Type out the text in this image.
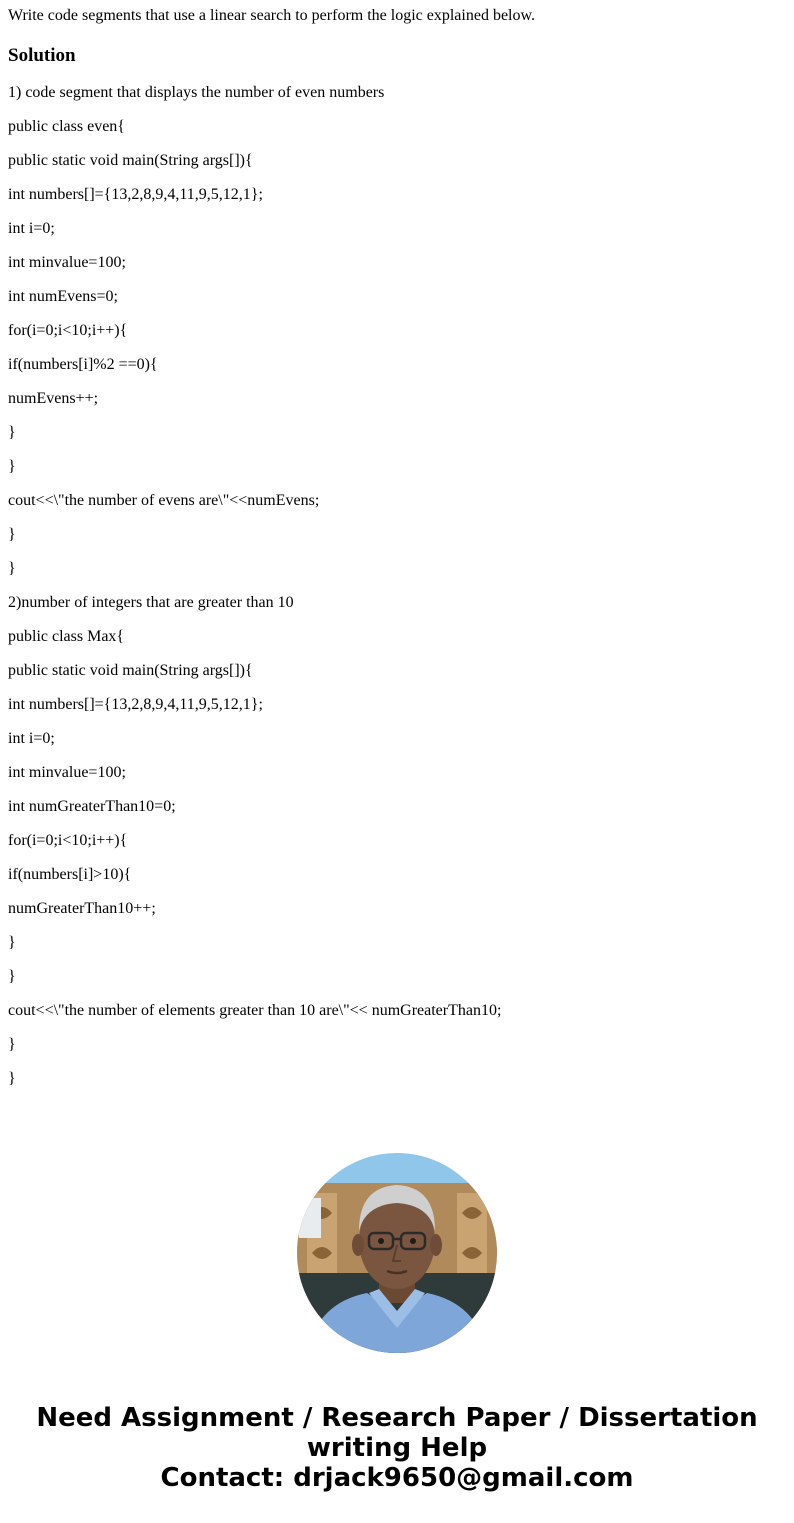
Write code segments that use a linear search to perform the logic explained below.
Solution
1) code segment that displays the number of even numbers
public class even{
public static void main(String args[]){
int numbers[]={13,2,8,9,4,11,9,5,12,1};
int i=0;
int minvalue=100;
int numEvens=0;
for(i=0;i<10;i++){
if(numbers[i]%2 ==0){
numEvens++;
}
}
cout<<\"the number of evens are\"<<numEvens;
}
}
2)number of integers that are greater than 10
public class Max{
public static void main(String args[]){
int numbers[]={13,2,8,9,4,11,9,5,12,1};
int i=0;
int minvalue=100;
int numGreaterThan10=0;
for(i=0;i<10;i++){
if(numbers[i]>10){
numGreaterThan10++;
}
}
cout<<\"the number of elements greater than 10 are\"<< numGreaterThan10;
}
}
Need Assignment / Research Paper / Dissertation
writing Help
Contact: drjack9650@gmail.com
